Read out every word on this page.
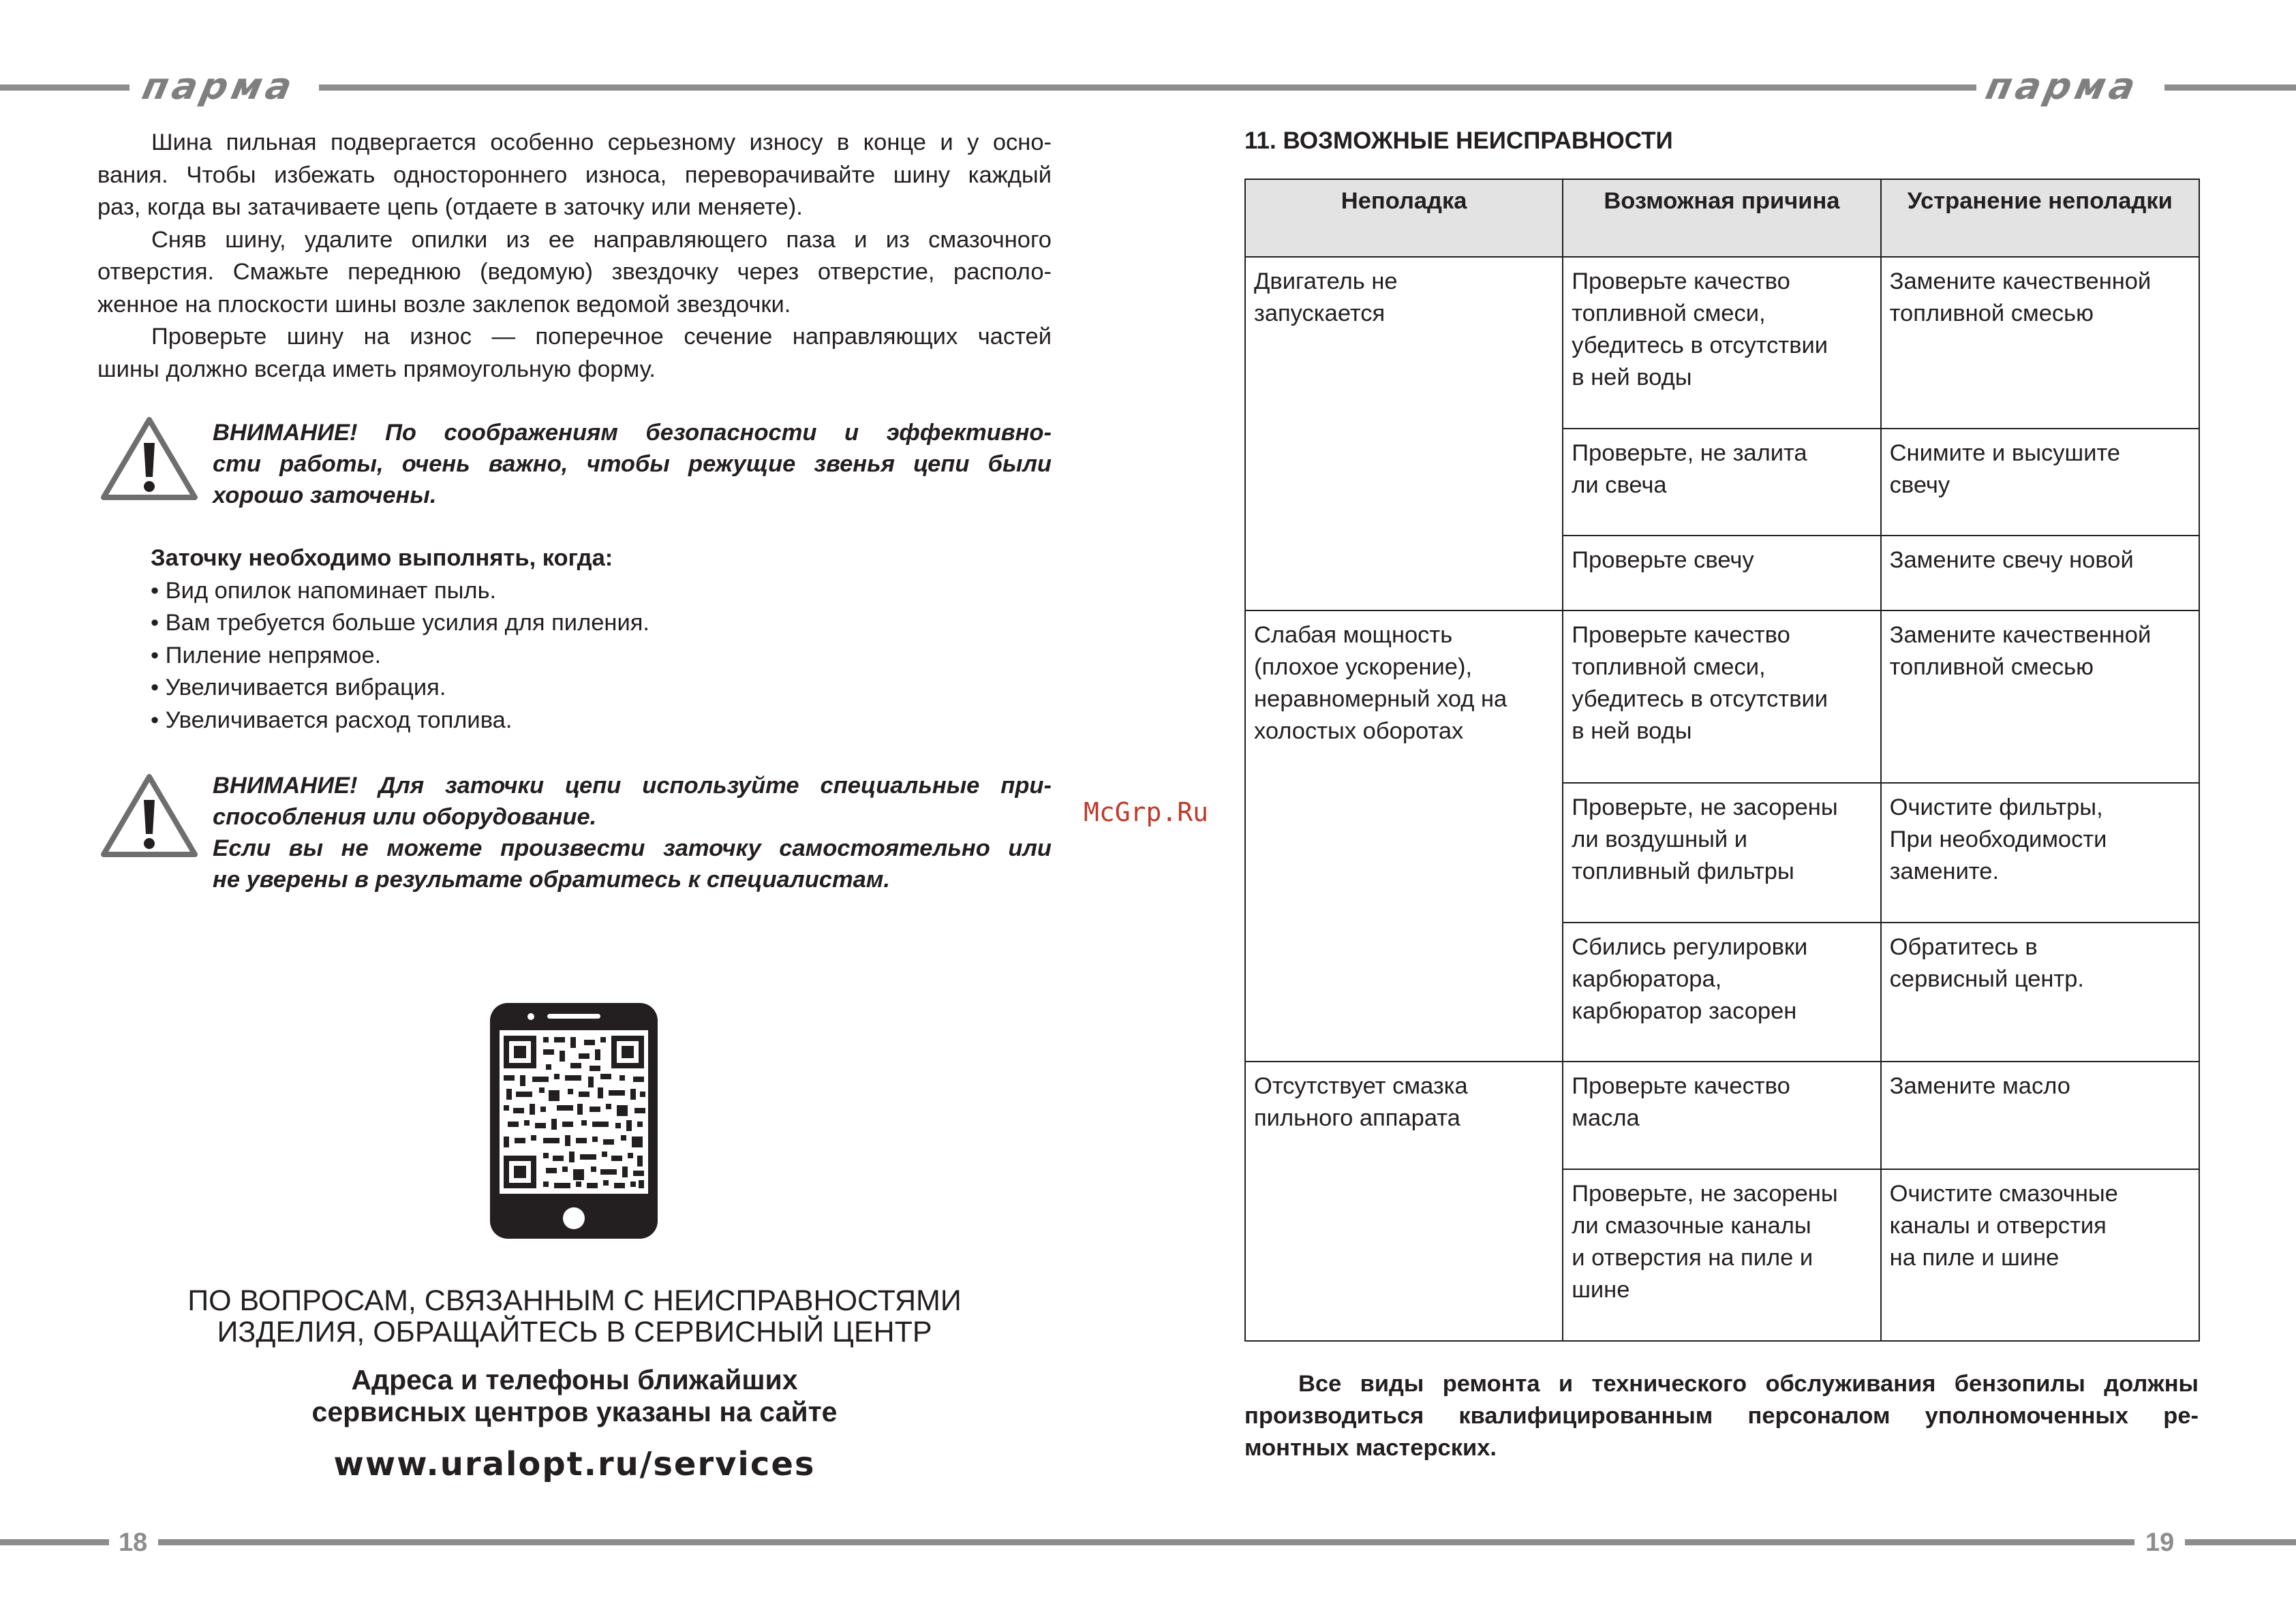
парма	парма
Шина пильная подвергается особенно серьезному износу в конце и у осно-
вания. Чтобы избежать одностороннего износа, переворачивайте шину каждый
раз, когда вы затачиваете цепь (отдаете в заточку или меняете).
Сняв шину, удалите опилки из ее направляющего паза и из смазочного
отверстия. Смажьте переднюю (ведомую) звездочку через отверстие, располо-
женное на плоскости шины возле заклепок ведомой звездочки.
Проверьте шину на износ — поперечное сечение направляющих частей
шины должно всегда иметь прямоугольную форму.
ВНИМАНИЕ! По соображениям безопасности и эффективно-
сти работы, очень важно, чтобы режущие звенья цепи были
хорошо заточены.
Заточку необходимо выполнять, когда:
• Вид опилок напоминает пыль.
• Вам требуется больше усилия для пиления.
• Пиление непрямое.
• Увеличивается вибрация.
• Увеличивается расход топлива.
ВНИМАНИЕ! Для заточки цепи используйте специальные при-
способления или оборудование.
Если вы не можете произвести заточку самостоятельно или
не уверены в результате обратитесь к специалистам.
McGrp.Ru
ПО ВОПРОСАМ, СВЯЗАННЫМ С НЕИСПРАВНОСТЯМИ
ИЗДЕЛИЯ, ОБРАЩАЙТЕСЬ В СЕРВИСНЫЙ ЦЕНТР
Адреса и телефоны ближайших
сервисных центров указаны на сайте
www.uralopt.ru/services
11. ВОЗМОЖНЫЕ НЕИСПРАВНОСТИ
Неполадка	Возможная причина	Устранение неполадки

Двигатель не
запускается	Проверьте качество
топливной смеси,
убедитесь в отсутствии
в ней воды	Замените качественной
топливной смесью

	Проверьте, не залита
ли свеча	Снимите и высушите
свечу

	Проверьте свечу	Замените свечу новой

Слабая мощность
(плохое ускорение),
неравномерный ход на
холостых оборотах	Проверьте качество
топливной смеси,
убедитесь в отсутствии
в ней воды	Замените качественной
топливной смесью

	Проверьте, не засорены
ли воздушный и
топливный фильтры	Очистите фильтры,
При необходимости
замените.

	Сбились регулировки
карбюратора,
карбюратор засорен	Обратитесь в
сервисный центр.

Отсутствует смазка
пильного аппарата	Проверьте качество
масла	Замените масло

	Проверьте, не засорены
ли смазочные каналы
и отверстия на пиле и
шине	Очистите смазочные
каналы и отверстия
на пиле и шине
Все виды ремонта и технического обслуживания бензопилы должны
производиться квалифицированным персоналом уполномоченных ре-
монтных мастерских.
18	19
